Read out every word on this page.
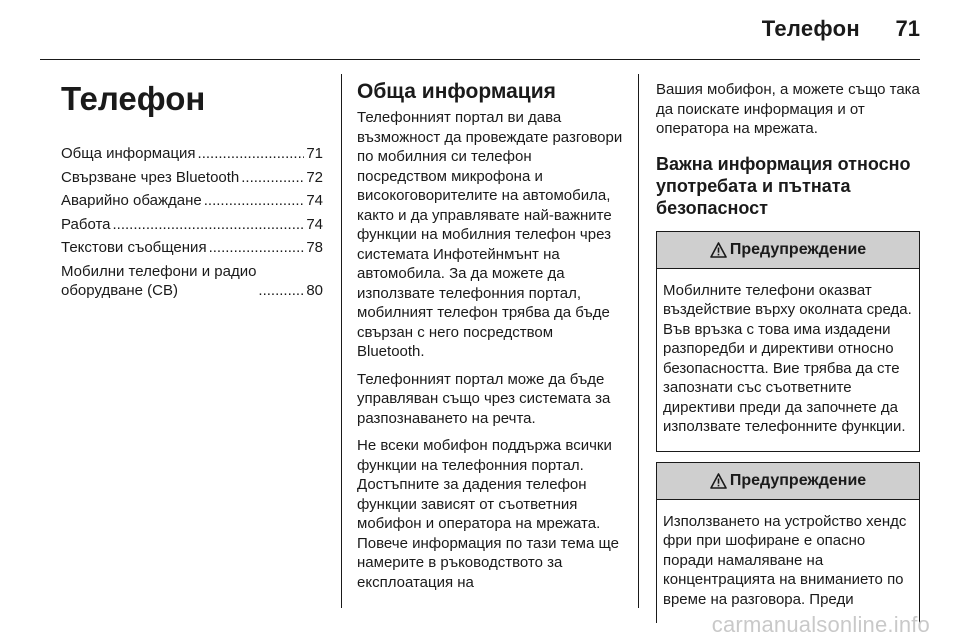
Телефон	71
Телефон
Обща информация .....	71
Свързване чрез Bluetooth .....	72
Аварийно обаждане .....	74
Работа .....	74
Текстови съобщения .....	78
Мобилни телефони и радио
оборудване (CB) .....	80
Обща информация

Телефонният портал ви дава възможност да провеждате разговори по мобилния си телефон посредством микрофона и високоговорителите на автомобила, както и да управлявате най-важните функции на мобилния телефон чрез системата Инфотейнмънт на автомобила. За да можете да използвате телефонния портал, мобилният телефон трябва да бъде свързан с него посредством Bluetooth.

Телефонният портал може да бъде управляван също чрез системата за разпознаването на речта.

Не всеки мобифон поддържа всички функции на телефонния портал. Достъпните за дадения телефон функции зависят от съответния мобифон и оператора на мрежата. Повече информация по тази тема ще намерите в ръководството за експлоатация на

Вашия мобифон, а можете също така да поискате информация и от оператора на мрежата.

Важна информация относно употребата и пътната безопасност
Предупреждение
Мобилните телефони оказват въздействие върху околната среда. Във връзка с това има издадени разпоредби и директиви относно безопасността. Вие трябва да сте запознати със съответните директиви преди да започнете да използвате телефонните функции.
Предупреждение
Използването на устройство хендс фри при шофиране е опасно поради намаляване на концентрацията на вниманието по време на разговора. Преди
carmanualsonline.info
